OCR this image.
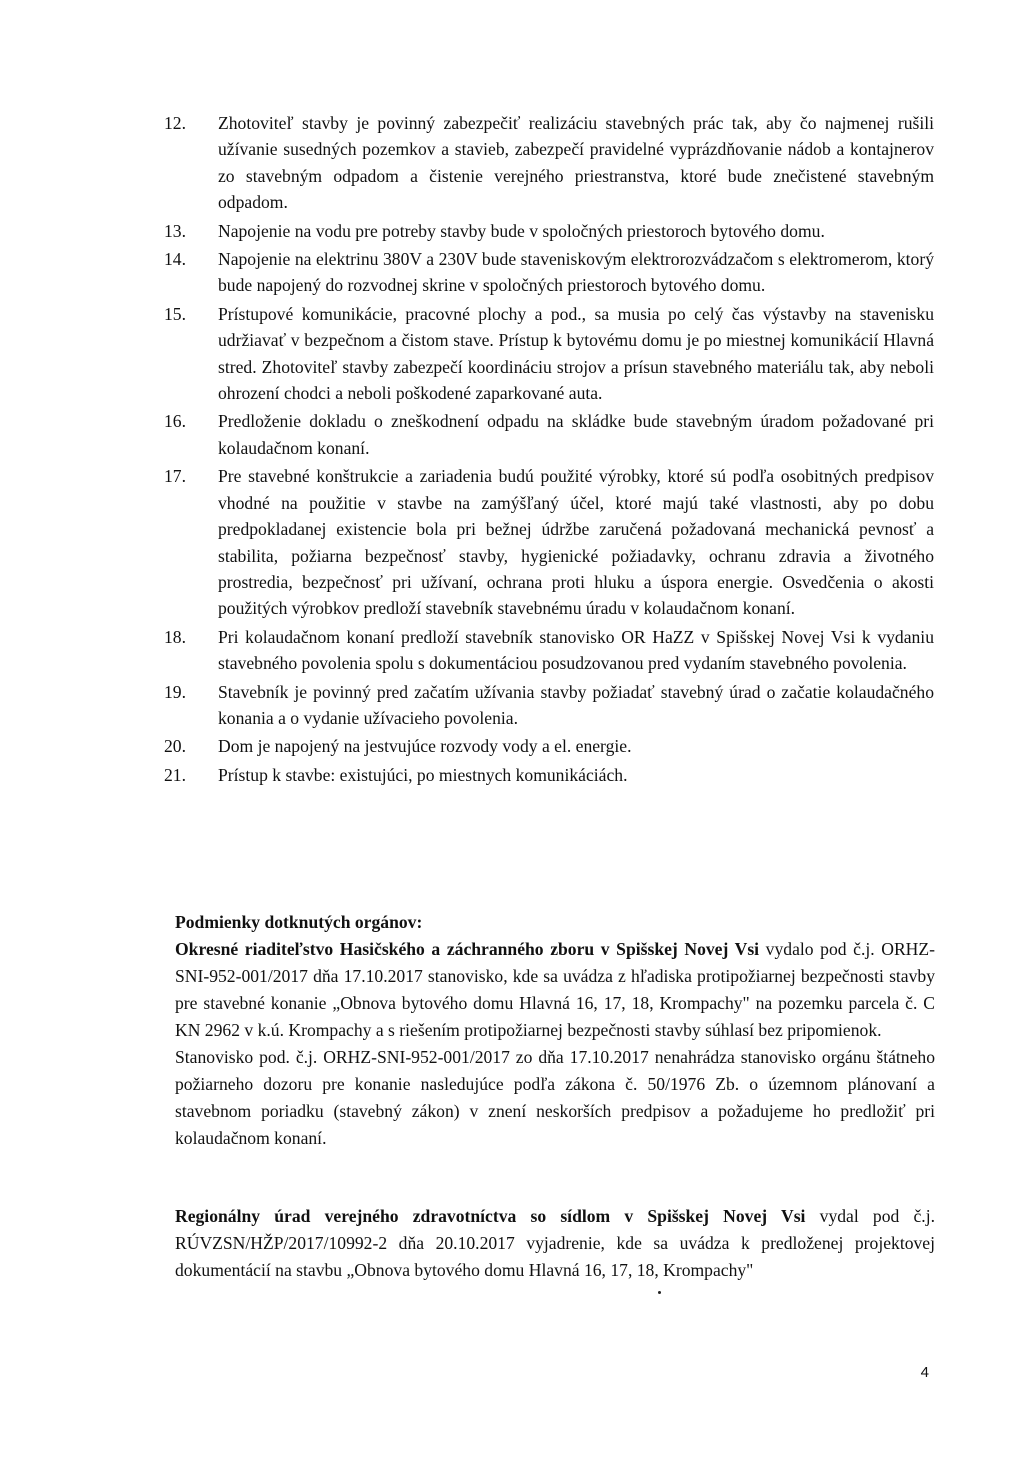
12.	Zhotoviteľ stavby je povinný zabezpečiť realizáciu stavebných prác tak, aby čo najmenej rušili užívanie susedných pozemkov a stavieb, zabezpečí pravidelné vyprázdňovanie nádob a kontajnerov zo stavebným odpadom a čistenie verejného priestranstva, ktoré bude znečistené stavebným odpadom.
13.	Napojenie na vodu pre potreby stavby bude v spoločných priestoroch bytového domu.
14.	Napojenie na elektrinu 380V a 230V bude staveniskovým elektrorozvádzačom s elektromerom, ktorý bude napojený do rozvodnej skrine v spoločných priestoroch bytového domu.
15.	Prístupové komunikácie, pracovné plochy a pod., sa musia po celý čas výstavby na stavenisku udržiavať v bezpečnom a čistom stave. Prístup k bytovému domu je po miestnej komunikácií Hlavná stred. Zhotoviteľ stavby zabezpečí koordináciu strojov a prísun stavebného materiálu tak, aby neboli ohrození chodci a neboli poškodené zaparkované auta.
16.	Predloženie dokladu o zneškodnení odpadu na skládke bude stavebným úradom požadované pri kolaudačnom konaní.
17.	Pre stavebné konštrukcie a zariadenia budú použité výrobky, ktoré sú podľa osobitných predpisov vhodné na použitie v stavbe na zamýšľaný účel, ktoré majú také vlastnosti, aby po dobu predpokladanej existencie bola pri bežnej údržbe zaručená požadovaná mechanická pevnosť a stabilita, požiarna bezpečnosť stavby, hygienické požiadavky, ochranu zdravia a životného prostredia, bezpečnosť pri užívaní, ochrana proti hluku a úspora energie. Osvedčenia o akosti použitých výrobkov predloží stavebník stavebnému úradu v kolaudačnom konaní.
18.	Pri kolaudačnom konaní predloží stavebník stanovisko OR HaZZ v Spišskej Novej Vsi k vydaniu stavebného povolenia spolu s dokumentáciou posudzovanou pred vydaním stavebného povolenia.
19.	Stavebník je povinný pred začatím užívania stavby požiadať stavebný úrad o začatie kolaudačného konania a o vydanie užívacieho povolenia.
20.	Dom je napojený na jestvujúce rozvody vody a el. energie.
21.	Prístup k stavbe: existujúci, po miestnych komunikáciách.

Podmienky dotknutých orgánov:

Okresné riaditeľstvo Hasičského a záchranného zboru v Spišskej Novej Vsi vydalo pod č.j. ORHZ-SNI-952-001/2017 dňa 17.10.2017 stanovisko, kde sa uvádza z hľadiska protipožiarnej bezpečnosti stavby pre stavebné konanie „Obnova bytového domu Hlavná 16, 17, 18, Krompachy" na pozemku parcela č. C KN 2962 v k.ú. Krompachy a s riešením protipožiarnej bezpečnosti stavby súhlasí bez pripomienok.

Stanovisko pod. č.j. ORHZ-SNI-952-001/2017 zo dňa 17.10.2017 nenahrádza stanovisko orgánu štátneho požiarneho dozoru pre konanie nasledujúce podľa zákona č. 50/1976 Zb. o územnom plánovaní a stavebnom poriadku (stavebný zákon) v znení neskorších predpisov a požadujeme ho predložiť pri kolaudačnom konaní.

Regionálny úrad verejného zdravotníctva so sídlom v Spišskej Novej Vsi vydal pod č.j. RÚVZSN/HŽP/2017/10992-2 dňa 20.10.2017 vyjadrenie, kde sa uvádza k predloženej projektovej dokumentácií na stavbu „Obnova bytového domu Hlavná 16, 17, 18, Krompachy"

4
